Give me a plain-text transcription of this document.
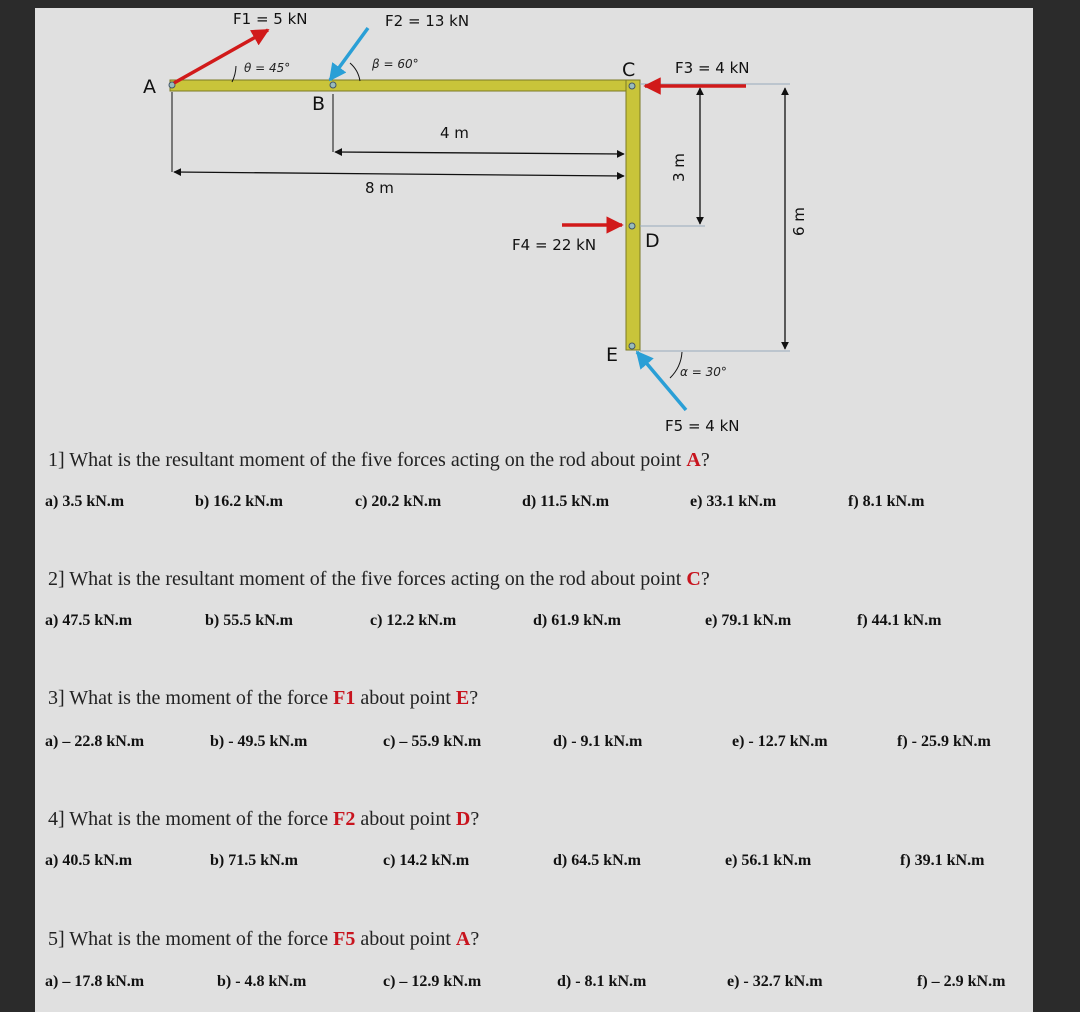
A
B
C
D
E
4 m
8 m
3 m
6 m
F1 = 5 kN
θ = 45°
F2 = 13 kN
β = 60°	F3 = 4 kN
F4 = 22 kN
F5 = 4 kN
α = 30°
1] What is the resultant moment of the five forces acting on the rod about point A?
a) 3.5 kN.m	b) 16.2 kN.m	c) 20.2 kN.m	d) 11.5 kN.m	e) 33.1 kN.m	f) 8.1 kN.m
2] What is the resultant moment of the five forces acting on the rod about point C?
a) 47.5 kN.m	b) 55.5 kN.m	c) 12.2 kN.m	d) 61.9 kN.m	e) 79.1 kN.m	f) 44.1 kN.m
3] What is the moment of the force F1 about point E?
a) – 22.8 kN.m	b) - 49.5 kN.m	c) – 55.9 kN.m	d) - 9.1 kN.m	e) - 12.7 kN.m	f) - 25.9 kN.m
4] What is the moment of the force F2 about point D?
a) 40.5 kN.m	b) 71.5 kN.m	c) 14.2 kN.m	d) 64.5 kN.m	e) 56.1 kN.m	f) 39.1 kN.m
5] What is the moment of the force F5 about point A?
a) – 17.8 kN.m	b) - 4.8 kN.m	c) – 12.9 kN.m	d) - 8.1 kN.m	e) - 32.7 kN.m	f) – 2.9 kN.m
